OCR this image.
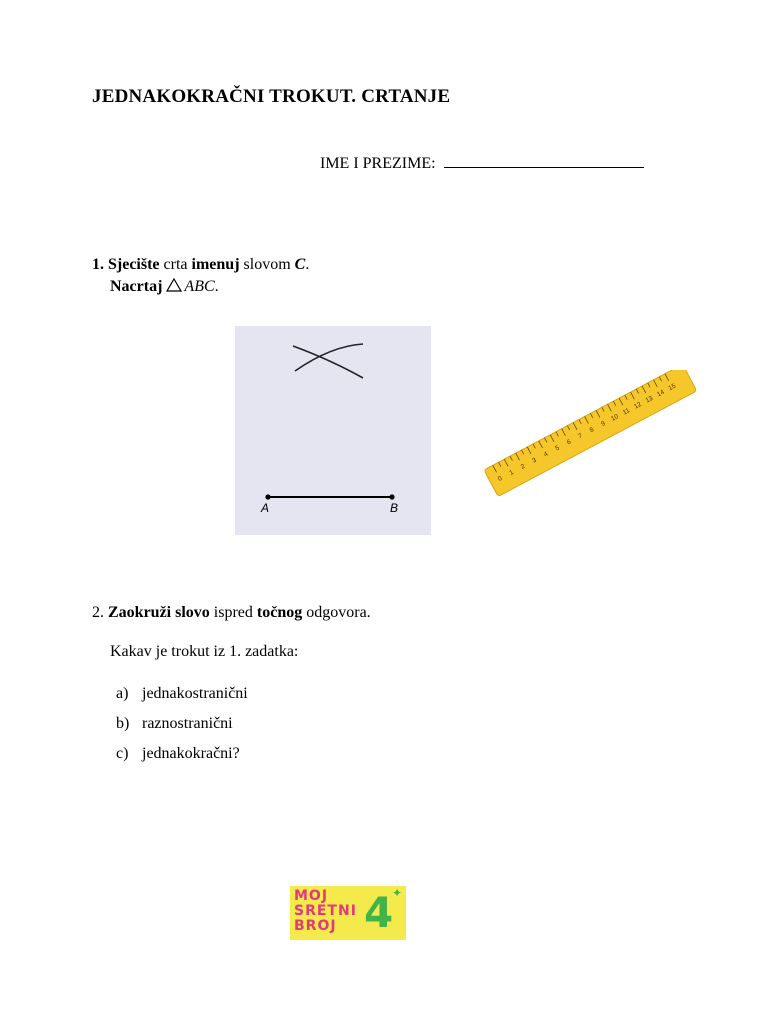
JEDNAKOKRAČNI TROKUT. CRTANJE
IME I PREZIME:
1. Sjecište crta imenuj slovom C.
Nacrtaj ABC.
A	B
0
1
2
3
4
5
6
7
8
9
10
11
12
13
14
15
2. Zaokruži slovo ispred točnog odgovora.
Kakav je trokut iz 1. zadatka:
a) jednakostranični
b) raznostranični
c) jednakokračni?
MOJ
SRETNI
BROJ 4
✦
